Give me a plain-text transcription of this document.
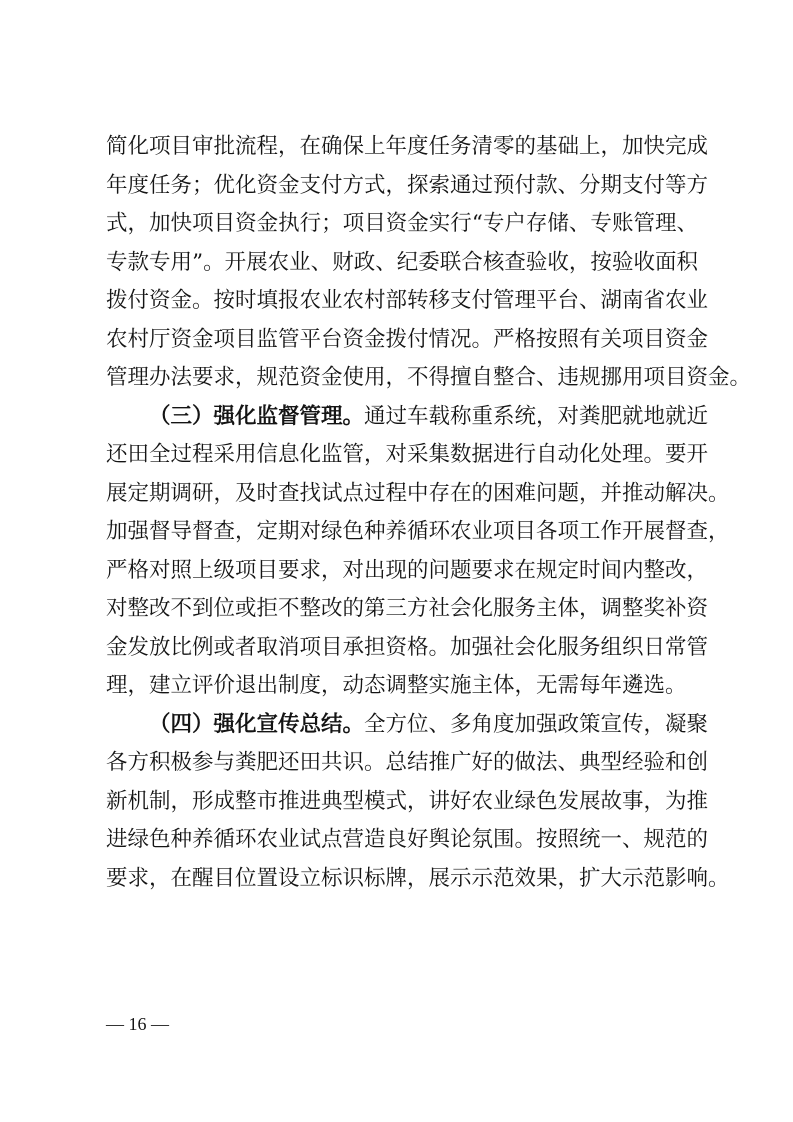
简化项目审批流程，在确保上年度任务清零的基础上，加快完成
年度任务；优化资金支付方式，探索通过预付款、分期支付等方
式，加快项目资金执行；项目资金实行“专户存储、专账管理、
专款专用”。开展农业、财政、纪委联合核查验收，按验收面积
拨付资金。按时填报农业农村部转移支付管理平台、湖南省农业
农村厅资金项目监管平台资金拨付情况。严格按照有关项目资金
管理办法要求，规范资金使用，不得擅自整合、违规挪用项目资金。
（三）强化监督管理。通过车载称重系统，对粪肥就地就近
还田全过程采用信息化监管，对采集数据进行自动化处理。要开
展定期调研，及时查找试点过程中存在的困难问题，并推动解决。
加强督导督查，定期对绿色种养循环农业项目各项工作开展督查，
严格对照上级项目要求，对出现的问题要求在规定时间内整改，
对整改不到位或拒不整改的第三方社会化服务主体，调整奖补资
金发放比例或者取消项目承担资格。加强社会化服务组织日常管
理，建立评价退出制度，动态调整实施主体，无需每年遴选。
（四）强化宣传总结。全方位、多角度加强政策宣传，凝聚
各方积极参与粪肥还田共识。总结推广好的做法、典型经验和创
新机制，形成整市推进典型模式，讲好农业绿色发展故事，为推
进绿色种养循环农业试点营造良好舆论氛围。按照统一、规范的
要求，在醒目位置设立标识标牌，展示示范效果，扩大示范影响。
— 16 —
